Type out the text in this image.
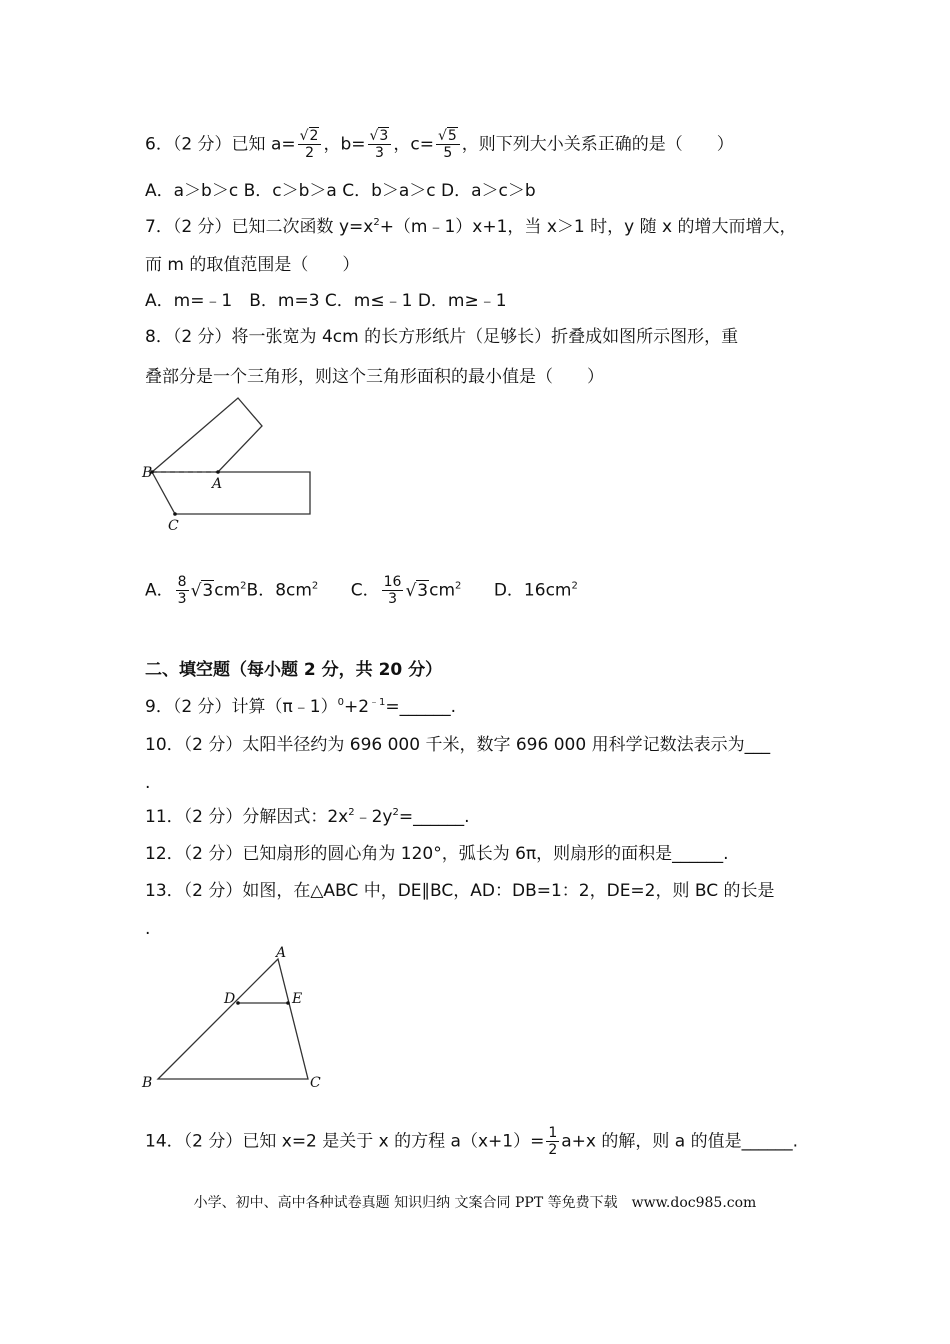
6．（2 分）已知 $a= \frac{√2}{2}$ ，$b= \frac{√3}{3}$ ，$c= \frac{√5}{5}$ ，则下列大小关系正确的是（　　）
A．a＞b＞c B．c＞b＞a C．b＞a＞c D．a＞c＞b
7．（2 分）已知二次函数 $y=x^2+(m﹣1)x+1$，当 x＞1 时，y 随 x 的增大而增大，
而 m 的取值范围是（　　）
A．m=﹣1　B．m=3 C．m≤﹣1 D．m≥﹣1
8．（2 分）将一张宽为 4cm 的长方形纸片（足够长）折叠成如图所示图形，重
叠部分是一个三角形，则这个三角形面积的最小值是（　　）
B
A
C
A． $\frac{8}{3} √3cm^2B$．$8cm^2$ C． $\frac{16}{3} √3cm^2$ D．$16cm^2$
二、填空题（每小题 2 分，共 20 分）
9．（2 分）计算$(\pi﹣1)^0+2^{﹣1}=\_\_\_\_\_\_$.
10．（2 分）太阳半径约为 696 000 千米，数字 696 000 用科学记数法表示为___
.
11．（2 分）分解因式：$2x^2﹣2y^2=\_\_\_\_\_\_$.
12．（2 分）已知扇形的圆心角为 120°，弧长为 6π，则扇形的面积是______.
13．（2 分）如图，在△ABC 中，DE∥BC，AD：DB=1：2，DE=2，则 BC 的长是
.
A
D	E
B	C
14．（2 分）已知 x=2 是关于 x 的方程 $a(x+1)= \frac{1}{2} a+x$ 的解，则 a 的值是______.
小学、初中、高中各种试卷真题 知识归纳 文案合同 PPT 等免费下载　www.doc985.com
